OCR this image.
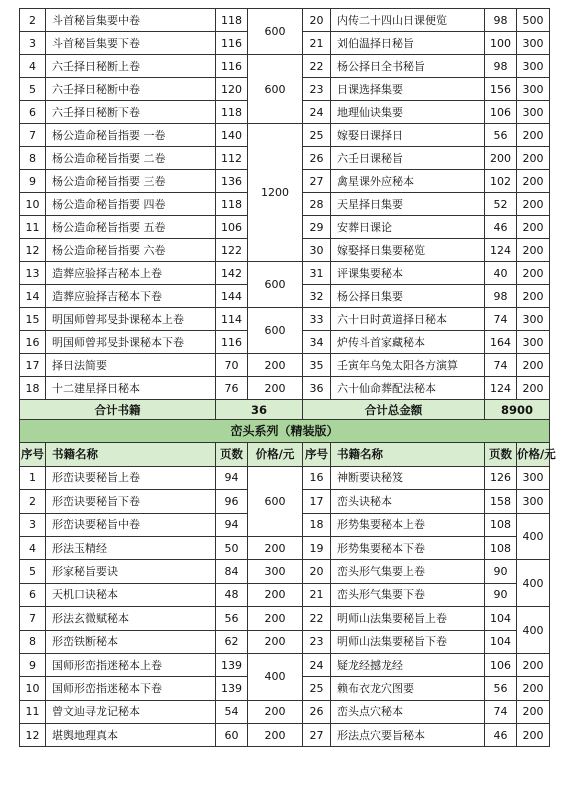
2	斗首秘旨集要中卷	118	600	20	内传二十四山日课便览	98	500
3	斗首秘旨集要下卷	116		21	刘伯温择日秘旨	100	300
4	六壬择日秘断上卷	116	600	22	杨公择日全书秘旨	98	300
5	六壬择日秘断中卷	120		23	日课选择集要	156	300
6	六壬择日秘断下卷	118		24	地理仙诀集要	106	300
7	杨公造命秘旨指要 一卷	140	1200	25	嫁娶日课择日	56	200
8	杨公造命秘旨指要 二卷	112		26	六壬日课秘旨	200	200
9	杨公造命秘旨指要 三卷	136		27	禽星课外应秘本	102	200
10	杨公造命秘旨指要 四卷	118		28	天星择日集要	52	200
11	杨公造命秘旨指要 五卷	106		29	安葬日课论	46	200
12	杨公造命秘旨指要 六卷	122		30	嫁娶择日集要秘览	124	200
13	造葬应验择吉秘本上卷	142	600	31	评课集要秘本	40	200
14	造葬应验择吉秘本下卷	144		32	杨公择日集要	98	200
15	明国师曾邦旻卦课秘本上卷	114	600	33	六十日时黄道择日秘本	74	300
16	明国师曾邦旻卦课秘本下卷	116		34	炉传斗首家藏秘本	164	300
17	择日法简要	70	200	35	壬寅年乌兔太阳各方演算	74	200
18	十二建星择日秘本	76	200	36	六十仙命葬配法秘本	124	200
合计书籍		36		合计总金额		8900	
峦头系列（精装版）							
序号	书籍名称	页数	价格/元	序号	书籍名称	页数	价格/元
1	形峦诀要秘旨上卷	94	600	16	神断要诀秘笈	126	300
2	形峦诀要秘旨下卷	96		17	峦头诀秘本	158	300
3	形峦诀要秘旨中卷	94		18	形势集要秘本上卷	108	400
4	形法玉精经	50	200	19	形势集要秘本下卷	108	
5	形家秘旨要诀	84	300	20	峦头形气集要上卷	90	400
6	天机口诀秘本	48	200	21	峦头形气集要下卷	90	
7	形法玄微赋秘本	56	200	22	明师山法集要秘旨上卷	104	400
8	形峦铁断秘本	62	200	23	明师山法集要秘旨下卷	104	
9	国师形峦指迷秘本上卷	139	400	24	疑龙经撼龙经	106	200
10	国师形峦指迷秘本下卷	139		25	赖布衣龙穴图要	56	200
11	曾文辿寻龙记秘本	54	200	26	峦头点穴秘本	74	200
12	堪舆地理真本	60	200	27	形法点穴要旨秘本	46	200
